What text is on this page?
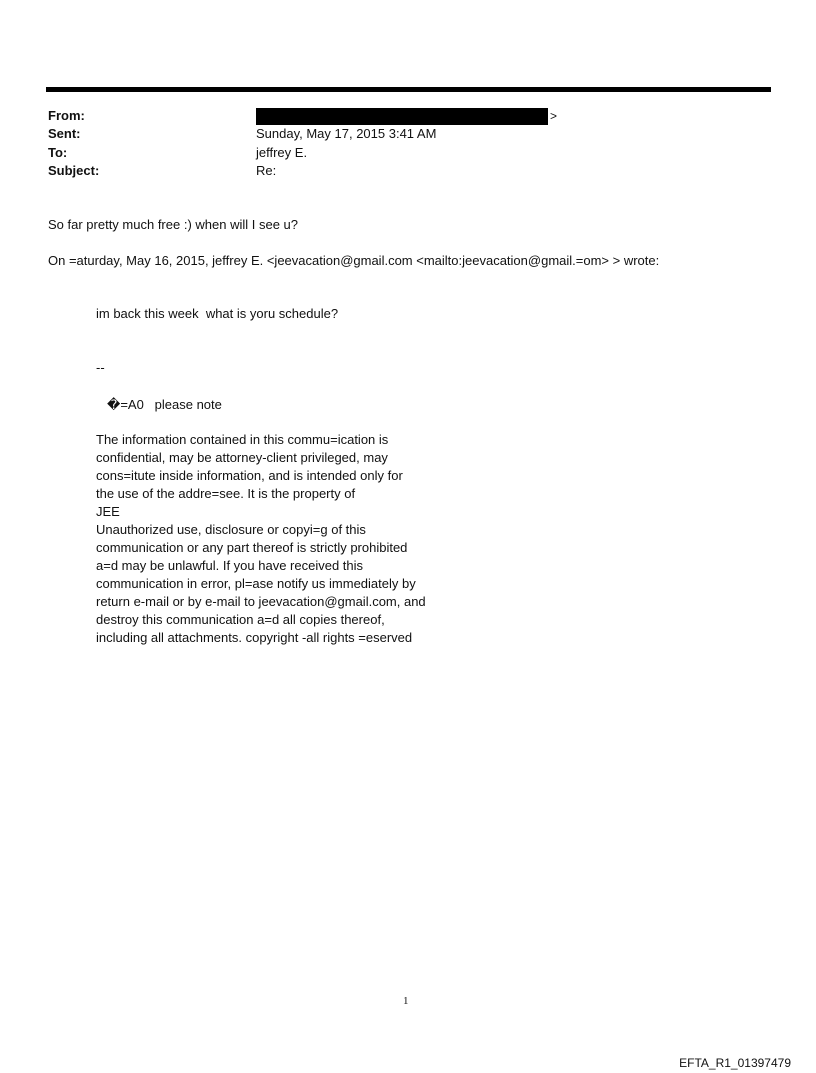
From:	>
Sent:	Sunday, May 17, 2015 3:41 AM
To:	jeffrey E.
Subject:	Re:
So far pretty much free :) when will I see u?
On =aturday, May 16, 2015, jeffrey E. <jeevacation@gmail.com <mailto:jeevacation@gmail.=om> > wrote:
im back this week  what is yoru schedule?
--
�=A0   please note
The information contained in this commu=ication is
confidential, may be attorney-client privileged, may
cons=itute inside information, and is intended only for
the use of the addre=see. It is the property of
JEE
Unauthorized use, disclosure or copyi=g of this
communication or any part thereof is strictly prohibited
a=d may be unlawful. If you have received this
communication in error, pl=ase notify us immediately by
return e-mail or by e-mail to jeevacation@gmail.com, and
destroy this communication a=d all copies thereof,
including all attachments. copyright -all rights =eserved
1
EFTA_R1_01397479
